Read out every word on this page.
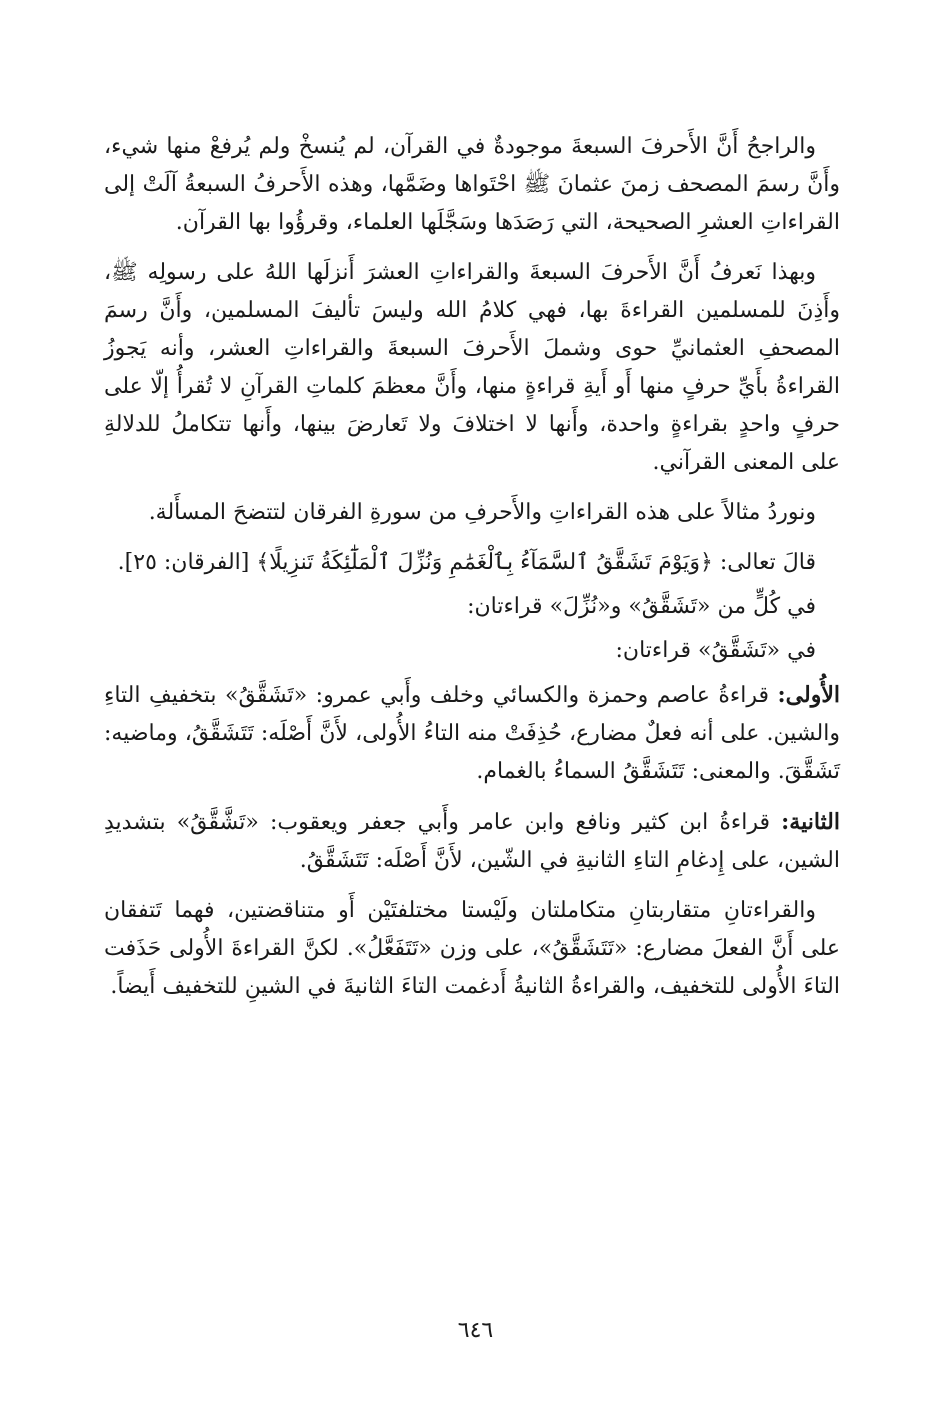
والراجحُ أَنَّ الأَحرفَ السبعةَ موجودةٌ في القرآن، لم يُنسخْ ولم يُرفعْ منها شيء، وأَنَّ رسمَ المصحف زمنَ عثمانَ ﷺ احْتَواها وضَمَّها، وهذه الأَحرفُ السبعةُ آلَتْ إلى القراءاتِ العشرِ الصحيحة، التي رَصَدَها وسَجَّلَها العلماء، وقرؤُوا بها القرآن.

وبهذا نَعرفُ أَنَّ الأَحرفَ السبعةَ والقراءاتِ العشرَ أَنزلَها اللهُ على رسولِه ﷺ، وأَذِنَ للمسلمين القراءةَ بها، فهي كلامُ الله وليسَ تأليفَ المسلمين، وأَنَّ رسمَ المصحفِ العثمانيِّ حوى وشملَ الأَحرفَ السبعةَ والقراءاتِ العشر، وأنه يَجوزُ القراءةُ بأَيِّ حرفٍ منها أَو أَيةِ قراءةٍ منها، وأَنَّ معظمَ كلماتِ القرآنِ لا تُقرأُ إلّا على حرفٍ واحدٍ بقراءةٍ واحدة، وأَنها لا اختلافَ ولا تَعارضَ بينها، وأَنها تتكاملُ للدلالةِ على المعنى القرآني.

ونوردُ مثالاً على هذه القراءاتِ والأَحرفِ من سورةِ الفرقان لتتضحَ المسأَلة.

قالَ تعالى: ﴿وَيَوْمَ تَشَقَّقُ ٱلسَّمَآءُ بِٱلْغَمَٰمِ وَنُزِّلَ ٱلْمَلَٰٓئِكَةُ تَنزِيلًا﴾ [الفرقان: ٢٥].

في كُلٍّ من «تَشَقَّقُ» و«نُزِّلَ» قراءتان:

في «تَشَقَّقُ» قراءتان:

الأُولى: قراءةُ عاصم وحمزة والكسائي وخلف وأَبي عمرو: «تَشَقَّقُ» بتخفيفِ التاءِ والشين. على أنه فعلٌ مضارع، حُذِفَتْ منه التاءُ الأُولى، لأَنَّ أَصْلَه: تَتَشَقَّقُ، وماضيه: تَشَقَّقَ. والمعنى: تَتَشَقَّقُ السماءُ بالغمام.

الثانية: قراءةُ ابن كثير ونافع وابن عامر وأَبي جعفر ويعقوب: «تَشَّقَّقُ» بتشديدِ الشين، على إِدغامِ التاءِ الثانيةِ في الشّين، لأَنَّ أَصْلَه: تَتَشَقَّقُ.

والقراءتانِ متقاربتانِ متكاملتان ولَيْستا مختلفتَيْن أَو متناقضتين، فهما تَتفقان على أَنَّ الفعلَ مضارع: «تَتَشَقَّقُ»، على وزن «تَتَفَعَّلُ». لكنَّ القراءةَ الأُولى حَذَفت التاءَ الأُولى للتخفيف، والقراءةُ الثانيةُ أَدغمت التاءَ الثانيةَ في الشينِ للتخفيف أَيضاً.

٦٤٦
